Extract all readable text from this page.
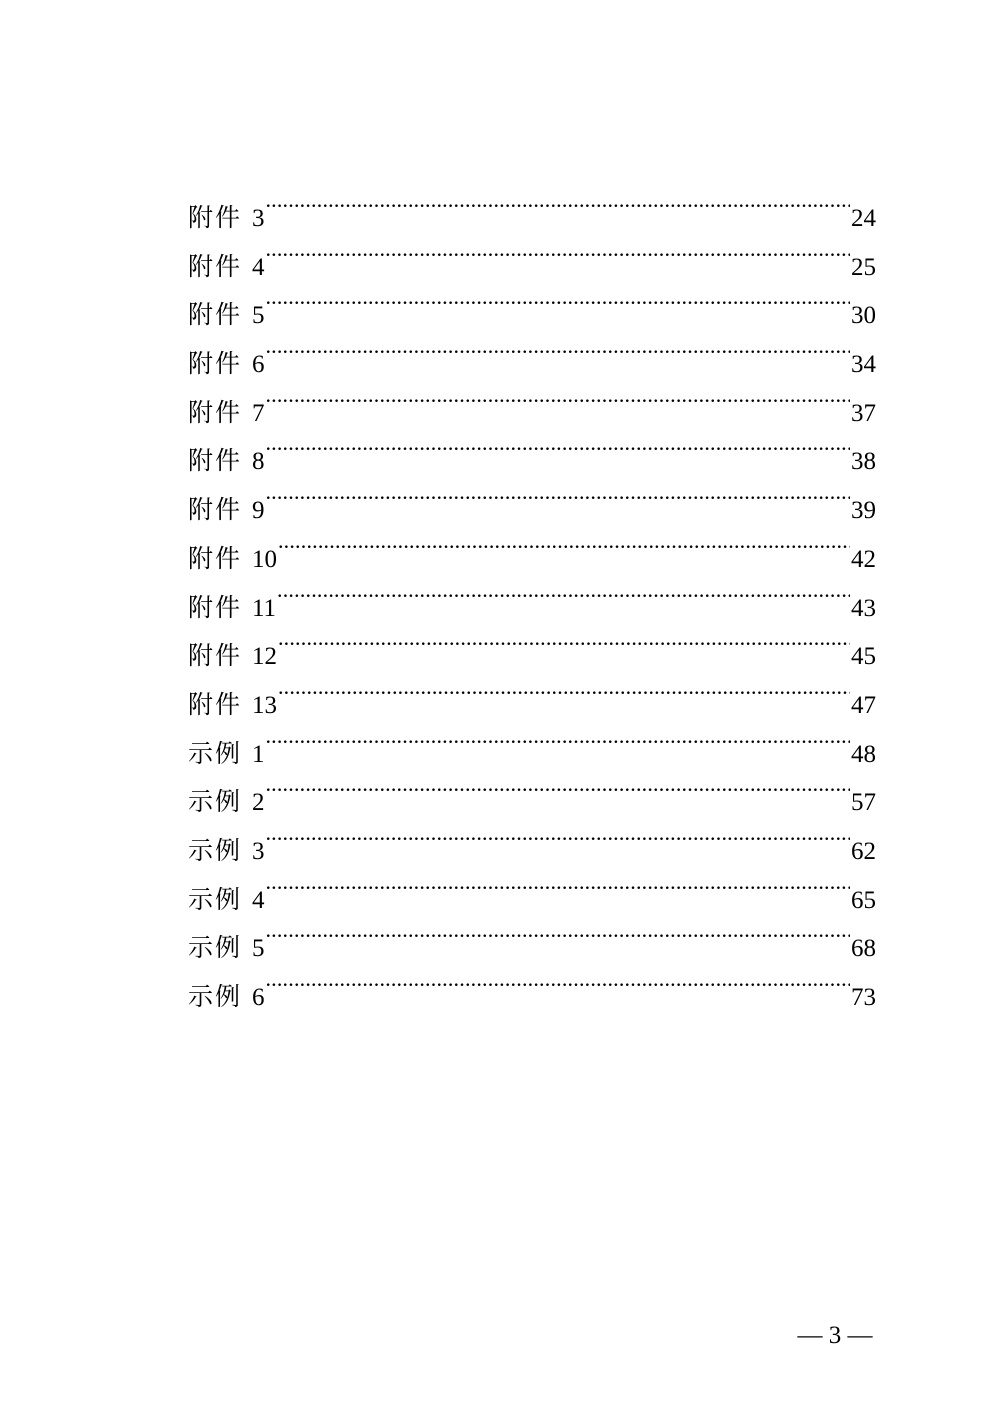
附件 3 .....	24
附件 4 .....	25
附件 5 .....	30
附件 6 .....	34
附件 7 .....	37
附件 8 .....	38
附件 9 .....	39
附件 10 .....	42
附件 11 .....	43
附件 12 .....	45
附件 13 .....	47
示例 1 .....	48
示例 2 .....	57
示例 3 .....	62
示例 4 .....	65
示例 5 .....	68
示例 6 .....	73
— 3 —
